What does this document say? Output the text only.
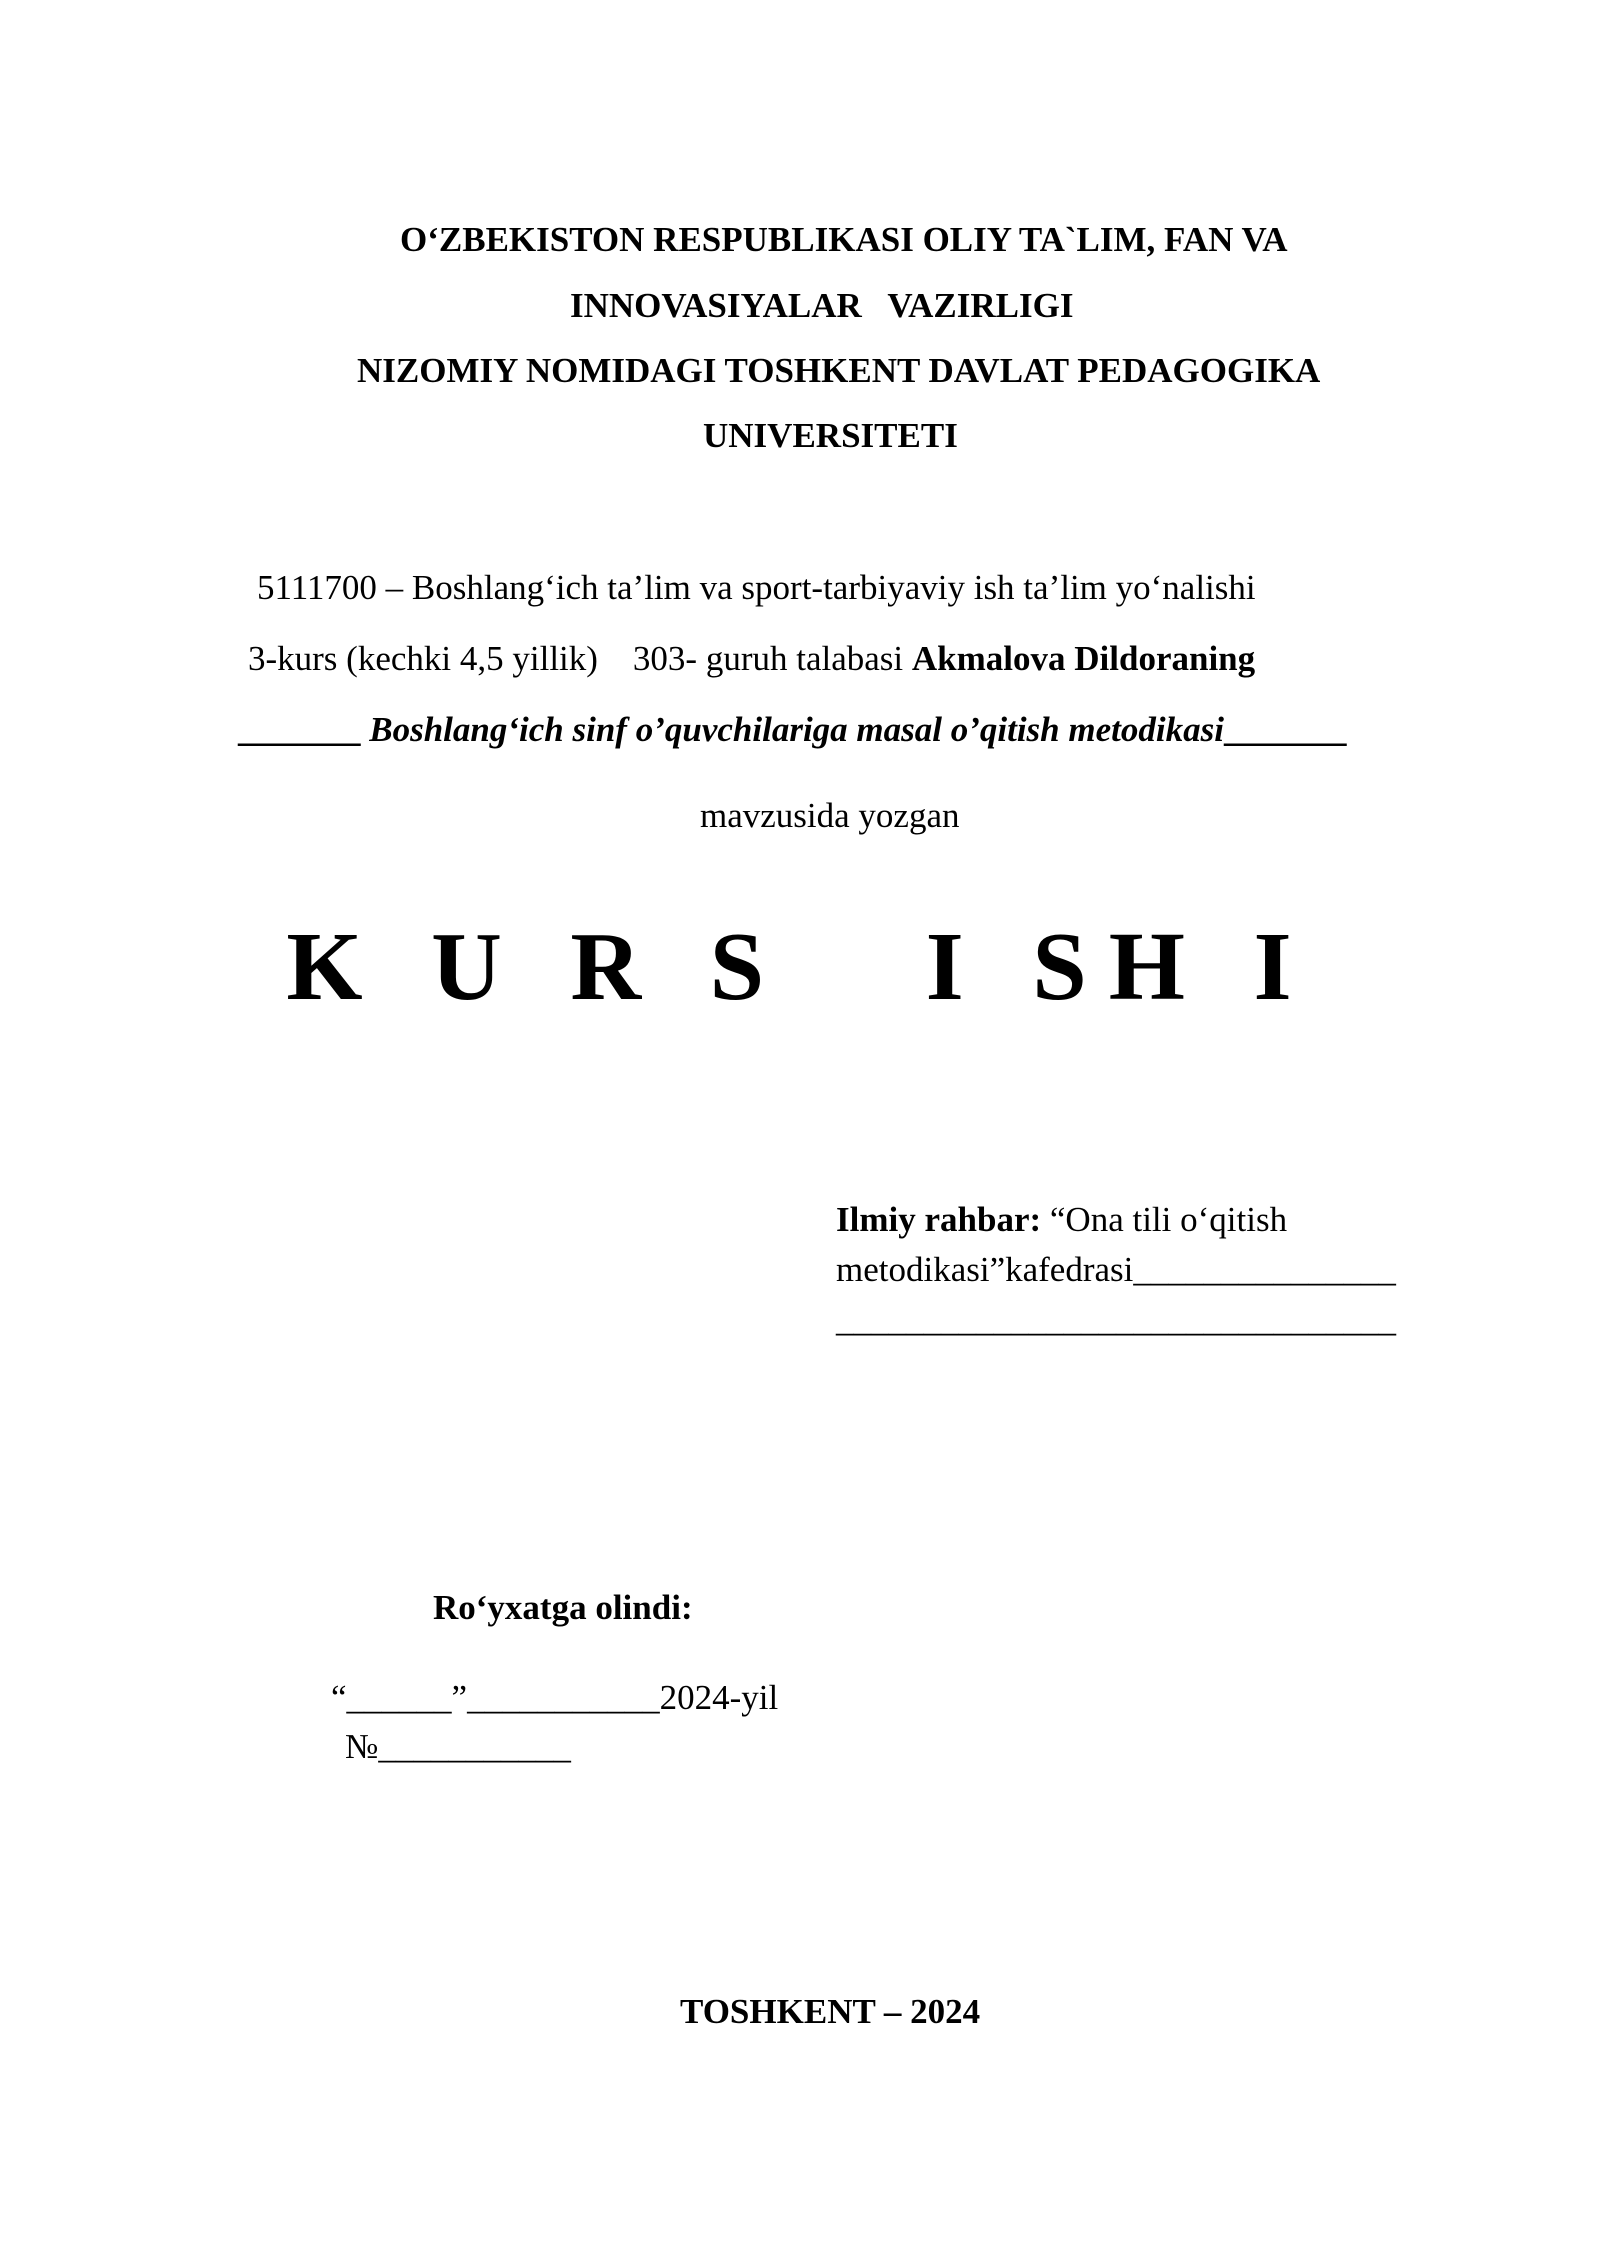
O‘ZBEKISTON RESPUBLIKASI OLIY TA`LIM, FAN VA
INNOVASIYALAR   VAZIRLIGI
NIZOMIY NOMIDAGI TOSHKENT DAVLAT PEDAGOGIKA
UNIVERSITETI
5111700 – Boshlang‘ich ta’lim va sport-tarbiyaviy ish ta’lim yo‘nalishi
3-kurs (kechki 4,5 yillik)    303- guruh talabasi Akmalova Dildoraning
_______ Boshlang‘ich sinf o’quvchilariga masal o’qitish metodikasi_______
mavzusida yozgan
K U R S   I SH I
Ilmiy rahbar: “Ona tili o‘qitish
metodikasi”kafedrasi_______________
________________________________
Ro‘yxatga olindi:
“______”___________2024-yil
№___________
TOSHKENT – 2024
